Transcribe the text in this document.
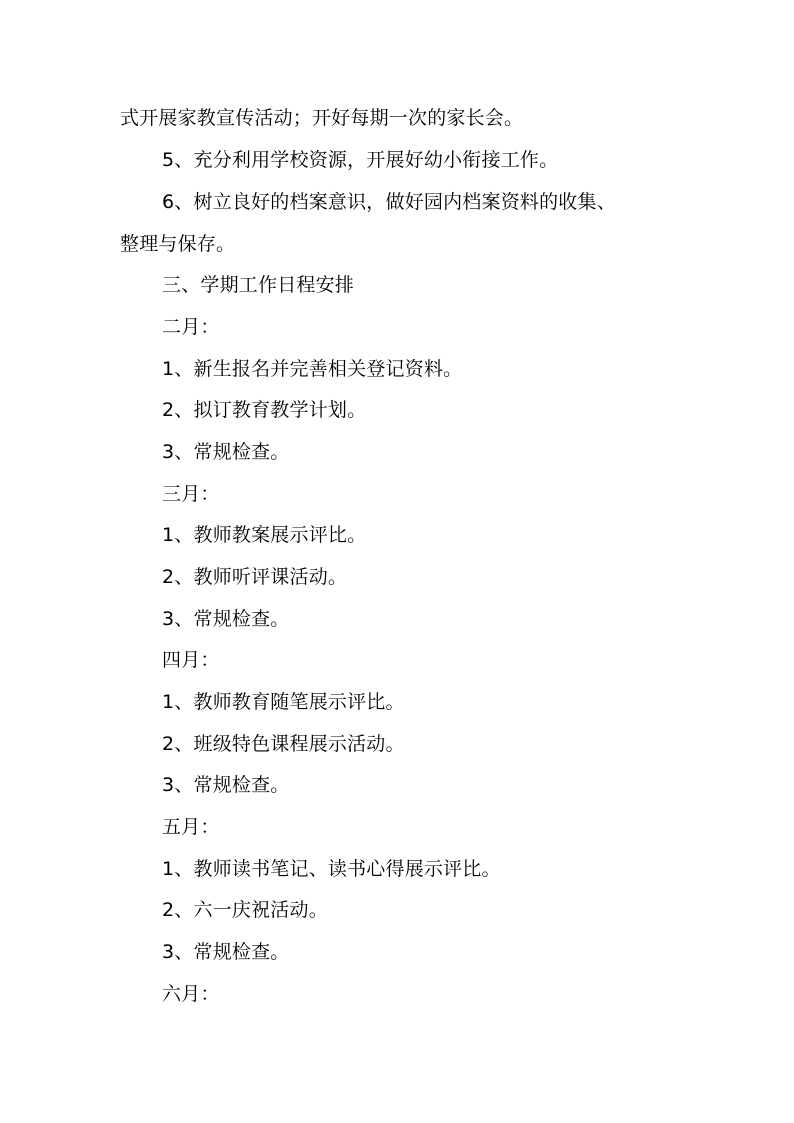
式开展家教宣传活动；开好每期一次的家长会。
5、充分利用学校资源，开展好幼小衔接工作。
6、树立良好的档案意识，做好园内档案资料的收集、
整理与保存。
三、学期工作日程安排
二月：
1、新生报名并完善相关登记资料。
2、拟订教育教学计划。
3、常规检查。
三月：
1、教师教案展示评比。
2、教师听评课活动。
3、常规检查。
四月：
1、教师教育随笔展示评比。
2、班级特色课程展示活动。
3、常规检查。
五月：
1、教师读书笔记、读书心得展示评比。
2、六一庆祝活动。
3、常规检查。
六月：
